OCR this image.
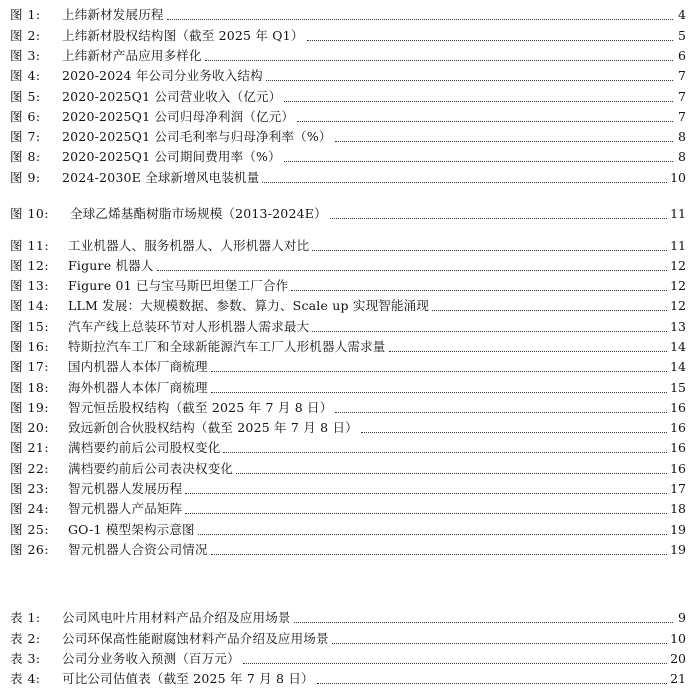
图 1:	上纬新材发展历程	4
图 2:	上纬新材股权结构图（截至 2025 年 Q1）	5
图 3:	上纬新材产品应用多样化	6
图 4:	2020-2024 年公司分业务收入结构	7
图 5:	2020-2025Q1 公司营业收入（亿元）	7
图 6:	2020-2025Q1 公司归母净利润（亿元）	7
图 7:	2020-2025Q1 公司毛利率与归母净利率（%）	8
图 8:	2020-2025Q1 公司期间费用率（%）	8
图 9:	2024-2030E 全球新增风电装机量	10
图 10:	全球乙烯基酯树脂市场规模（2013-2024E）	11
图 11:	工业机器人、服务机器人、人形机器人对比	11
图 12:	Figure 机器人	12
图 13:	Figure 01 已与宝马斯巴坦堡工厂合作	12
图 14:	LLM 发展：大规模数据、参数、算力、Scale up 实现智能涌现	12
图 15:	汽车产线上总装环节对人形机器人需求最大	13
图 16:	特斯拉汽车工厂和全球新能源汽车工厂人形机器人需求量	14
图 17:	国内机器人本体厂商梳理	14
图 18:	海外机器人本体厂商梳理	15
图 19:	智元恒岳股权结构（截至 2025 年 7 月 8 日）	16
图 20:	致远新创合伙股权结构（截至 2025 年 7 月 8 日）	16
图 21:	满档要约前后公司股权变化	16
图 22:	满档要约前后公司表决权变化	16
图 23:	智元机器人发展历程	17
图 24:	智元机器人产品矩阵	18
图 25:	GO-1 模型架构示意图	19
图 26:	智元机器人合资公司情况	19
表 1:	公司风电叶片用材料产品介绍及应用场景	9
表 2:	公司环保高性能耐腐蚀材料产品介绍及应用场景	10
表 3:	公司分业务收入预测（百万元）	20
表 4:	可比公司估值表（截至 2025 年 7 月 8 日）	21
